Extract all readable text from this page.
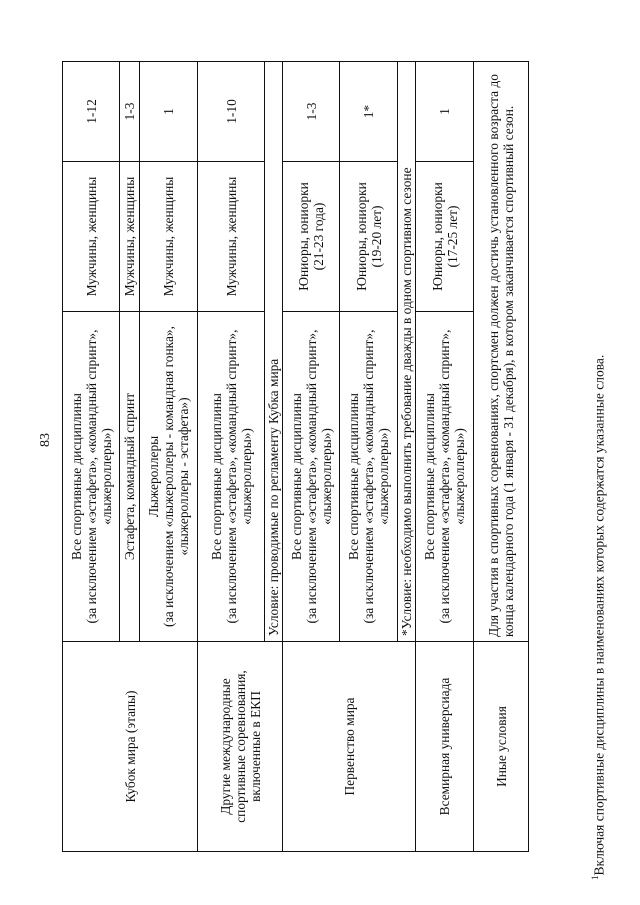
83
Кубок мира (этапы)	Все спортивные дисциплины
(за исключением «эстафета», «командный спринт»,
«лыжероллеры»)	Мужчины, женщины	1-12
	Эстафета, командный спринт	Мужчины, женщины	1-3
	Лыжероллеры
(за исключением «лыжероллеры - командная гонка»,
«лыжероллеры - эстафета»)	Мужчины, женщины	1
Другие международные спортивные соревнования, включенные в ЕКП	Все спортивные дисциплины
(за исключением «эстафета», «командный спринт»,
«лыжероллеры»)	Мужчины, женщины	1-10
	Условие: проводимые по регламенту Кубка мира		
Первенство мира	Все спортивные дисциплины
(за исключением «эстафета», «командный спринт»,
«лыжероллеры»)	Юниоры, юниорки
(21-23 года)	1-3
	Все спортивные дисциплины
(за исключением «эстафета», «командный спринт»,
«лыжероллеры»)	Юниоры, юниорки
(19-20 лет)	1*
	*Условие: необходимо выполнить требование дважды в одном спортивном сезоне		
Всемирная универсиада	Все спортивные дисциплины
(за исключением «эстафета», «командный спринт»,
«лыжероллеры»)	Юниоры, юниорки
(17-25 лет)	1
Иные условия	Для участия в спортивных соревнованиях, спортсмен должен достичь установленного возраста до конца календарного года (1 января - 31 декабря), в котором заканчивается спортивный сезон.		
$^1$Включая спортивные дисциплины в наименованиях которых содержатся указанные слова.
